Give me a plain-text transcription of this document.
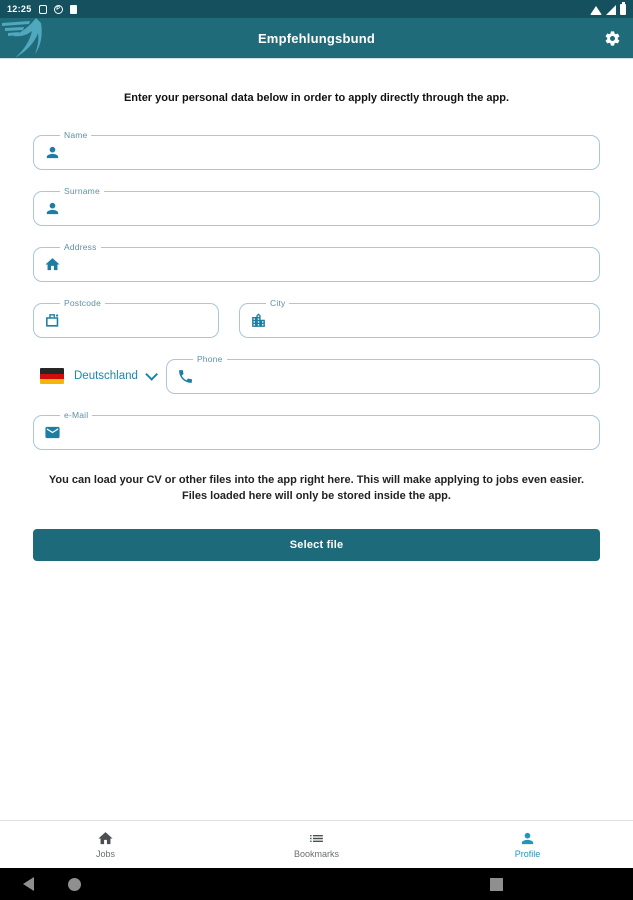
12:25	P
Empfehlungsbund
Enter your personal data below in order to apply directly through the app.
Name
Surname
Address
Postcode	City
Deutschland
Phone
e-Mail
You can load your CV or other files into the app right here. This will make applying to jobs even easier. Files loaded here will only be stored inside the app.
Select file
Jobs	Bookmarks	Profile
